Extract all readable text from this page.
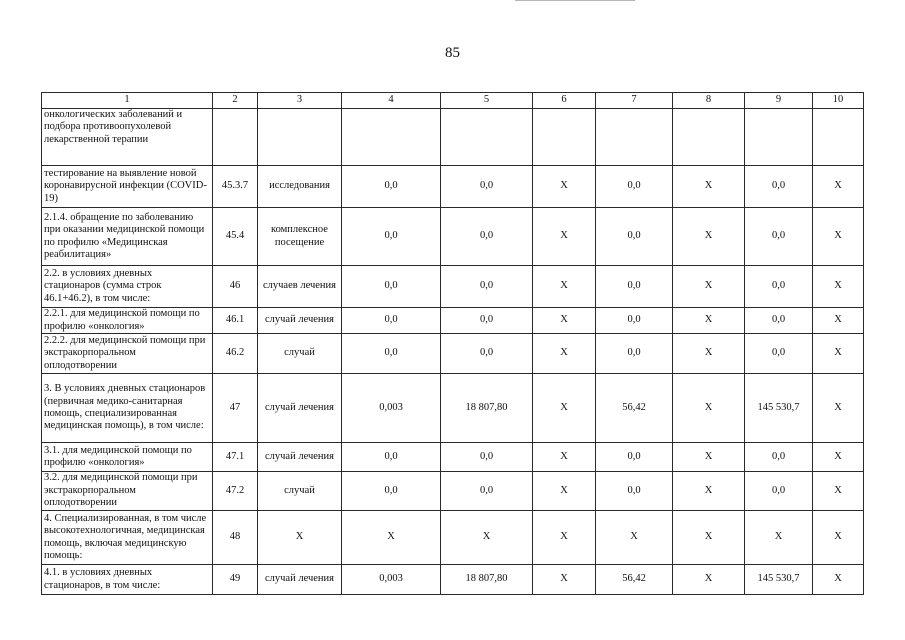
85
1	2	3	4	5	6	7	8	9	10
онкологических заболеваний и подбора противоопухолевой лекарственной терапии									
тестирование на выявление новой коронавирусной инфекции (COVID-19)	45.3.7	исследования	0,0	0,0	Х	0,0	Х	0,0	Х
2.1.4. обращение по заболеванию при оказании медицинской помощи по профилю «Медицинская реабилитация»	45.4	комплексное посещение	0,0	0,0	Х	0,0	Х	0,0	Х
2.2. в условиях дневных стационаров (сумма строк 46.1+46.2), в том числе:	46	случаев лечения	0,0	0,0	Х	0,0	Х	0,0	Х
2.2.1. для медицинской помощи по профилю «онкология»	46.1	случай лечения	0,0	0,0	Х	0,0	Х	0,0	Х
2.2.2. для медицинской помощи при экстракорпоральном оплодотворении	46.2	случай	0,0	0,0	Х	0,0	Х	0,0	Х
3. В условиях дневных стационаров (первичная медико-санитарная помощь, специализированная медицинская помощь), в том числе:	47	случай лечения	0,003	18 807,80	Х	56,42	Х	145 530,7	Х
3.1. для медицинской помощи по профилю «онкология»	47.1	случай лечения	0,0	0,0	Х	0,0	Х	0,0	Х
3.2. для медицинской помощи при экстракорпоральном оплодотворении	47.2	случай	0,0	0,0	Х	0,0	Х	0,0	Х
4. Специализированная, в том числе высокотехнологичная, медицинская помощь, включая медицинскую помощь:	48	Х	Х	Х	Х	Х	Х	Х	Х
4.1. в условиях дневных стационаров, в том числе:	49	случай лечения	0,003	18 807,80	Х	56,42	Х	145 530,7	Х
